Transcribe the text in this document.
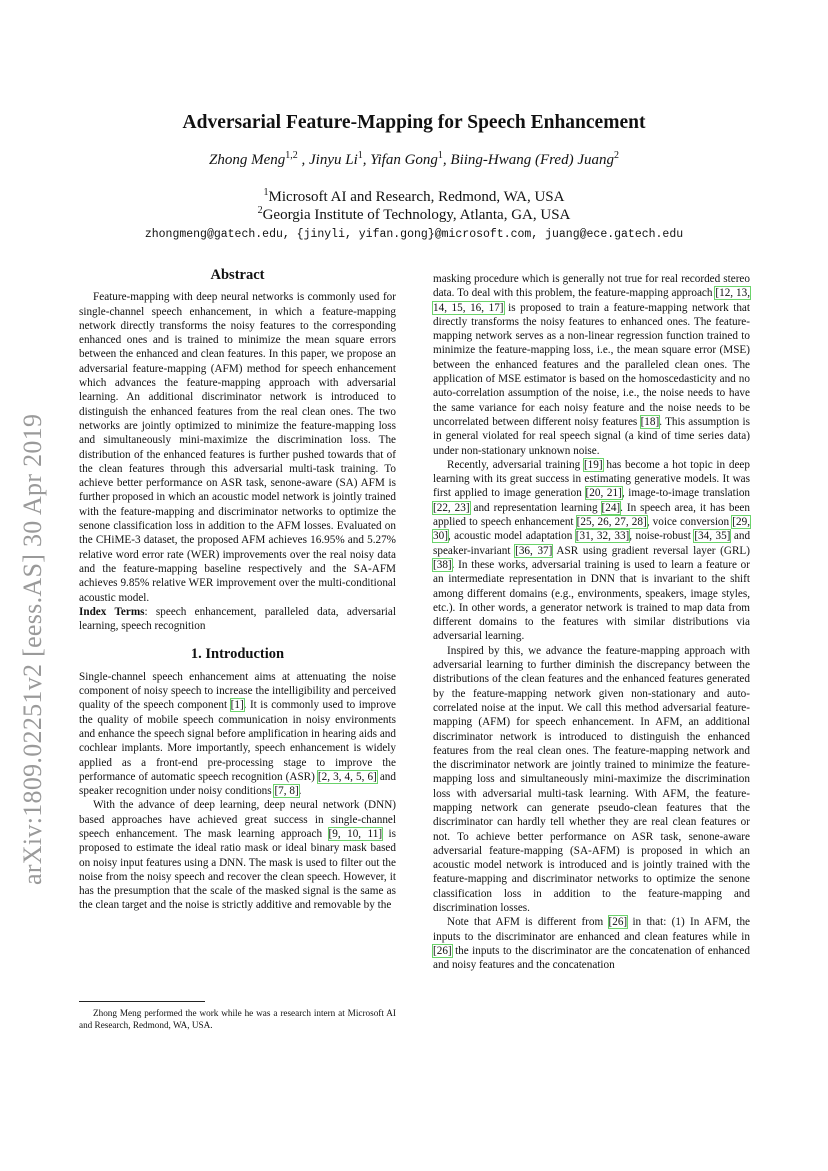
arXiv:1809.02251v2 [eess.AS] 30 Apr 2019
Adversarial Feature-Mapping for Speech Enhancement
Zhong Meng$^{1,2}$ , Jinyu Li$^1$, Yifan Gong$^1$, Biing-Hwang (Fred) Juang$^2$
$^1$Microsoft AI and Research, Redmond, WA, USA
$^2$Georgia Institute of Technology, Atlanta, GA, USA
zhongmeng@gatech.edu, {jinyli, yifan.gong}@microsoft.com, juang@ece.gatech.edu
Abstract

Feature-mapping with deep neural networks is commonly used for single-channel speech enhancement, in which a feature-mapping network directly transforms the noisy features to the corresponding enhanced ones and is trained to minimize the mean square errors between the enhanced and clean features. In this paper, we propose an adversarial feature-mapping (AFM) method for speech enhancement which advances the feature-mapping approach with adversarial learning. An additional discriminator network is introduced to distinguish the enhanced features from the real clean ones. The two networks are jointly optimized to minimize the feature-mapping loss and simultaneously mini-maximize the discrimination loss. The distribution of the enhanced features is further pushed towards that of the clean features through this adversarial multi-task training. To achieve better performance on ASR task, senone-aware (SA) AFM is further proposed in which an acoustic model network is jointly trained with the feature-mapping and discriminator networks to optimize the senone classification loss in addition to the AFM losses. Evaluated on the CHiME-3 dataset, the proposed AFM achieves 16.95% and 5.27% relative word error rate (WER) improvements over the real noisy data and the feature-mapping baseline respectively and the SA-AFM achieves 9.85% relative WER improvement over the multi-conditional acoustic model.

Index Terms: speech enhancement, paralleled data, adversarial learning, speech recognition

1. Introduction

Single-channel speech enhancement aims at attenuating the noise component of noisy speech to increase the intelligibility and perceived quality of the speech component [1]. It is commonly used to improve the quality of mobile speech communication in noisy environments and enhance the speech signal before amplification in hearing aids and cochlear implants. More importantly, speech enhancement is widely applied as a front-end pre-processing stage to improve the performance of automatic speech recognition (ASR) [2, 3, 4, 5, 6] and speaker recognition under noisy conditions [7, 8].

With the advance of deep learning, deep neural network (DNN) based approaches have achieved great success in single-channel speech enhancement. The mask learning approach [9, 10, 11] is proposed to estimate the ideal ratio mask or ideal binary mask based on noisy input features using a DNN. The mask is used to filter out the noise from the noisy speech and recover the clean speech. However, it has the presumption that the scale of the masked signal is the same as the clean target and the noise is strictly additive and removable by the

Zhong Meng performed the work while he was a research intern at Microsoft AI and Research, Redmond, WA, USA.

masking procedure which is generally not true for real recorded stereo data. To deal with this problem, the feature-mapping approach [12, 13, 14, 15, 16, 17] is proposed to train a feature-mapping network that directly transforms the noisy features to enhanced ones. The feature-mapping network serves as a non-linear regression function trained to minimize the feature-mapping loss, i.e., the mean square error (MSE) between the enhanced features and the paralleled clean ones. The application of MSE estimator is based on the homoscedasticity and no auto-correlation assumption of the noise, i.e., the noise needs to have the same variance for each noisy feature and the noise needs to be uncorrelated between different noisy features [18]. This assumption is in general violated for real speech signal (a kind of time series data) under non-stationary unknown noise.

Recently, adversarial training [19] has become a hot topic in deep learning with its great success in estimating generative models. It was first applied to image generation [20, 21], image-to-image translation [22, 23] and representation learning [24]. In speech area, it has been applied to speech enhancement [25, 26, 27, 28], voice conversion [29, 30], acoustic model adaptation [31, 32, 33], noise-robust [34, 35] and speaker-invariant [36, 37] ASR using gradient reversal layer (GRL) [38]. In these works, adversarial training is used to learn a feature or an intermediate representation in DNN that is invariant to the shift among different domains (e.g., environments, speakers, image styles, etc.). In other words, a generator network is trained to map data from different domains to the features with similar distributions via adversarial learning.

Inspired by this, we advance the feature-mapping approach with adversarial learning to further diminish the discrepancy between the distributions of the clean features and the enhanced features generated by the feature-mapping network given non-stationary and auto-correlated noise at the input. We call this method adversarial feature-mapping (AFM) for speech enhancement. In AFM, an additional discriminator network is introduced to distinguish the enhanced features from the real clean ones. The feature-mapping network and the discriminator network are jointly trained to minimize the feature-mapping loss and simultaneously mini-maximize the discrimination loss with adversarial multi-task learning. With AFM, the feature-mapping network can generate pseudo-clean features that the discriminator can hardly tell whether they are real clean features or not. To achieve better performance on ASR task, senone-aware adversarial feature-mapping (SA-AFM) is proposed in which an acoustic model network is introduced and is jointly trained with the feature-mapping and discriminator networks to optimize the senone classification loss in addition to the feature-mapping and discrimination losses.

Note that AFM is different from [26] in that: (1) In AFM, the inputs to the discriminator are enhanced and clean features while in [26] the inputs to the discriminator are the concatenation of enhanced and noisy features and the concatenation
